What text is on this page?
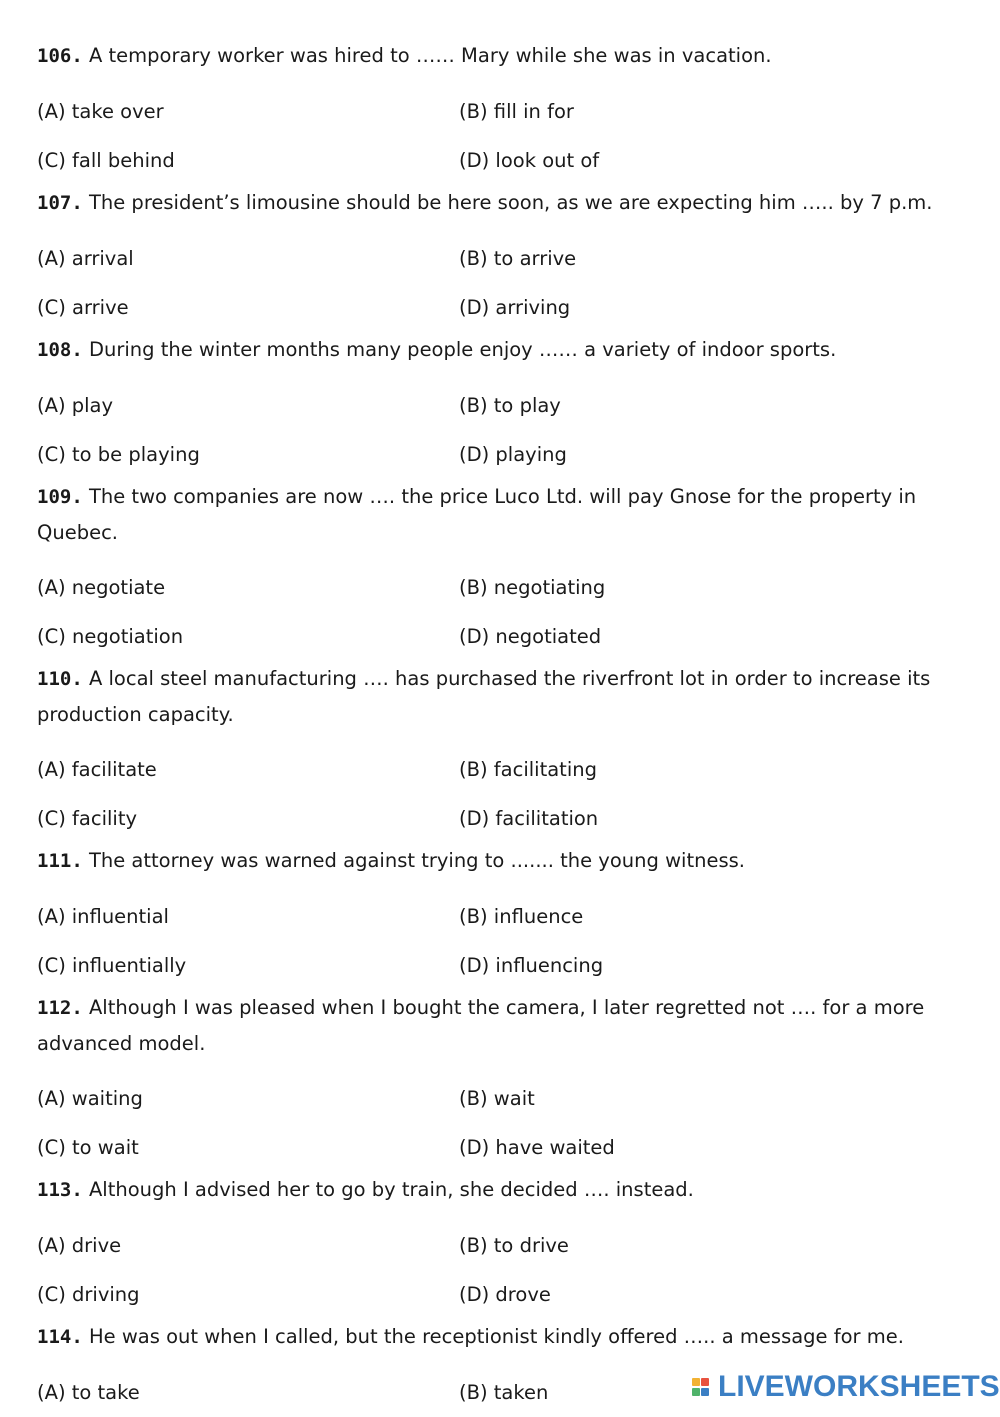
106. A temporary worker was hired to …… Mary while she was in vacation.

(A) take over	(B) fill in for
(C) fall behind	(D) look out of

107. The president’s limousine should be here soon, as we are expecting him ….. by 7 p.m.

(A) arrival	(B) to arrive
(C) arrive	(D) arriving

108. During the winter months many people enjoy …… a variety of indoor sports.

(A) play	(B) to play
(C) to be playing	(D) playing

109. The two companies are now …. the price Luco Ltd. will pay Gnose for the property in Quebec.

(A) negotiate	(B) negotiating
(C) negotiation	(D) negotiated

110. A local steel manufacturing …. has purchased the riverfront lot in order to increase its production capacity.

(A) facilitate	(B) facilitating
(C) facility	(D) facilitation

111. The attorney was warned against trying to ....... the young witness.

(A) influential	(B) influence
(C) influentially	(D) influencing

112. Although I was pleased when I bought the camera, I later regretted not …. for a more advanced model.

(A) waiting	(B) wait
(C) to wait	(D) have waited

113. Although I advised her to go by train, she decided …. instead.

(A) drive	(B) to drive
(C) driving	(D) drove

114. He was out when I called, but the receptionist kindly offered ….. a message for me.

(A) to take	(B) taken	LIVEWORKSHEETS
